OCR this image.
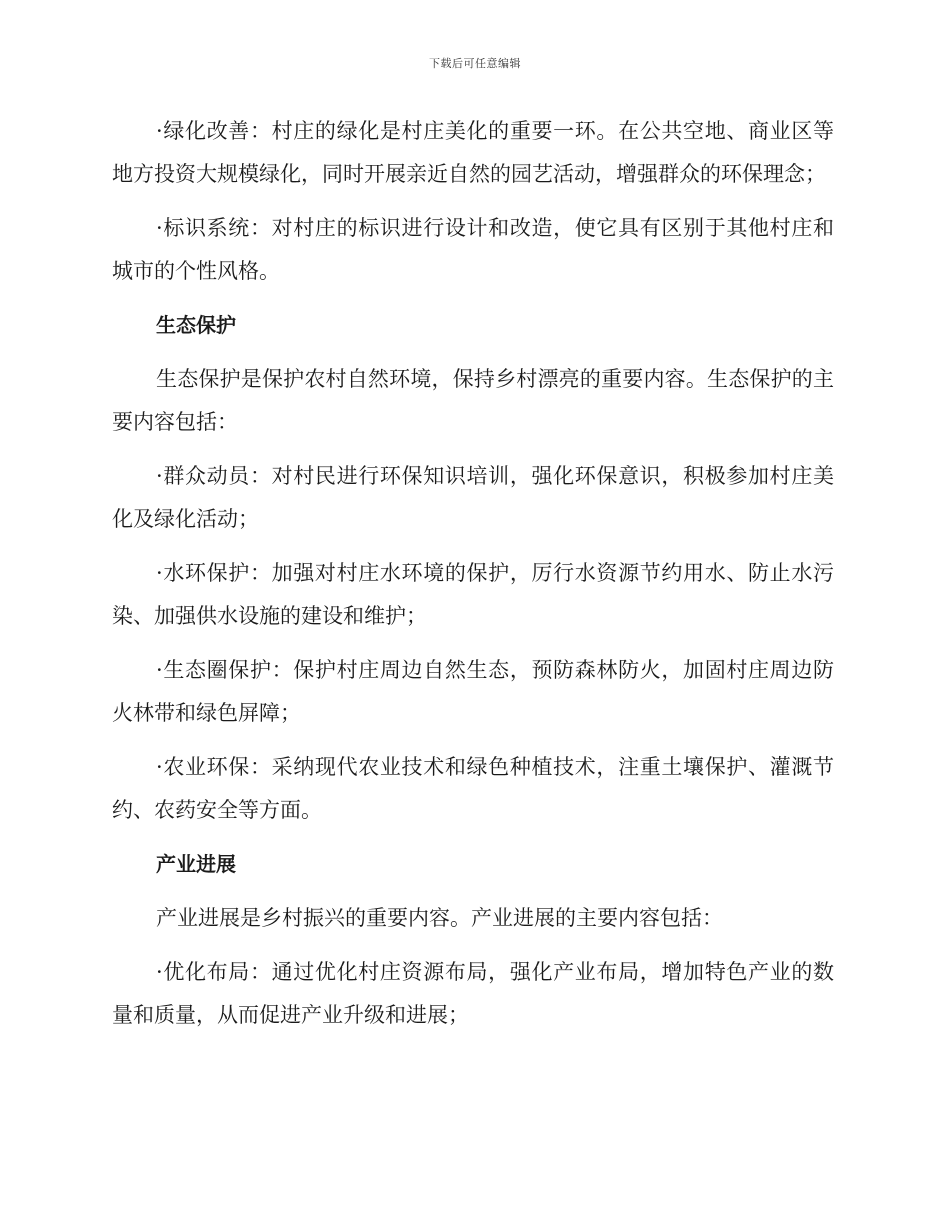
下载后可任意编辑

·绿化改善：村庄的绿化是村庄美化的重要一环。在公共空地、商业区等地方投资大规模绿化，同时开展亲近自然的园艺活动，增强群众的环保理念；

·标识系统：对村庄的标识进行设计和改造，使它具有区别于其他村庄和城市的个性风格。

生态保护

生态保护是保护农村自然环境，保持乡村漂亮的重要内容。生态保护的主要内容包括：

·群众动员：对村民进行环保知识培训，强化环保意识，积极参加村庄美化及绿化活动；

·水环保护：加强对村庄水环境的保护，厉行水资源节约用水、防止水污染、加强供水设施的建设和维护；

·生态圈保护：保护村庄周边自然生态，预防森林防火，加固村庄周边防火林带和绿色屏障；

·农业环保：采纳现代农业技术和绿色种植技术，注重土壤保护、灌溉节约、农药安全等方面。

产业进展

产业进展是乡村振兴的重要内容。产业进展的主要内容包括：

·优化布局：通过优化村庄资源布局，强化产业布局，增加特色产业的数量和质量，从而促进产业升级和进展；
